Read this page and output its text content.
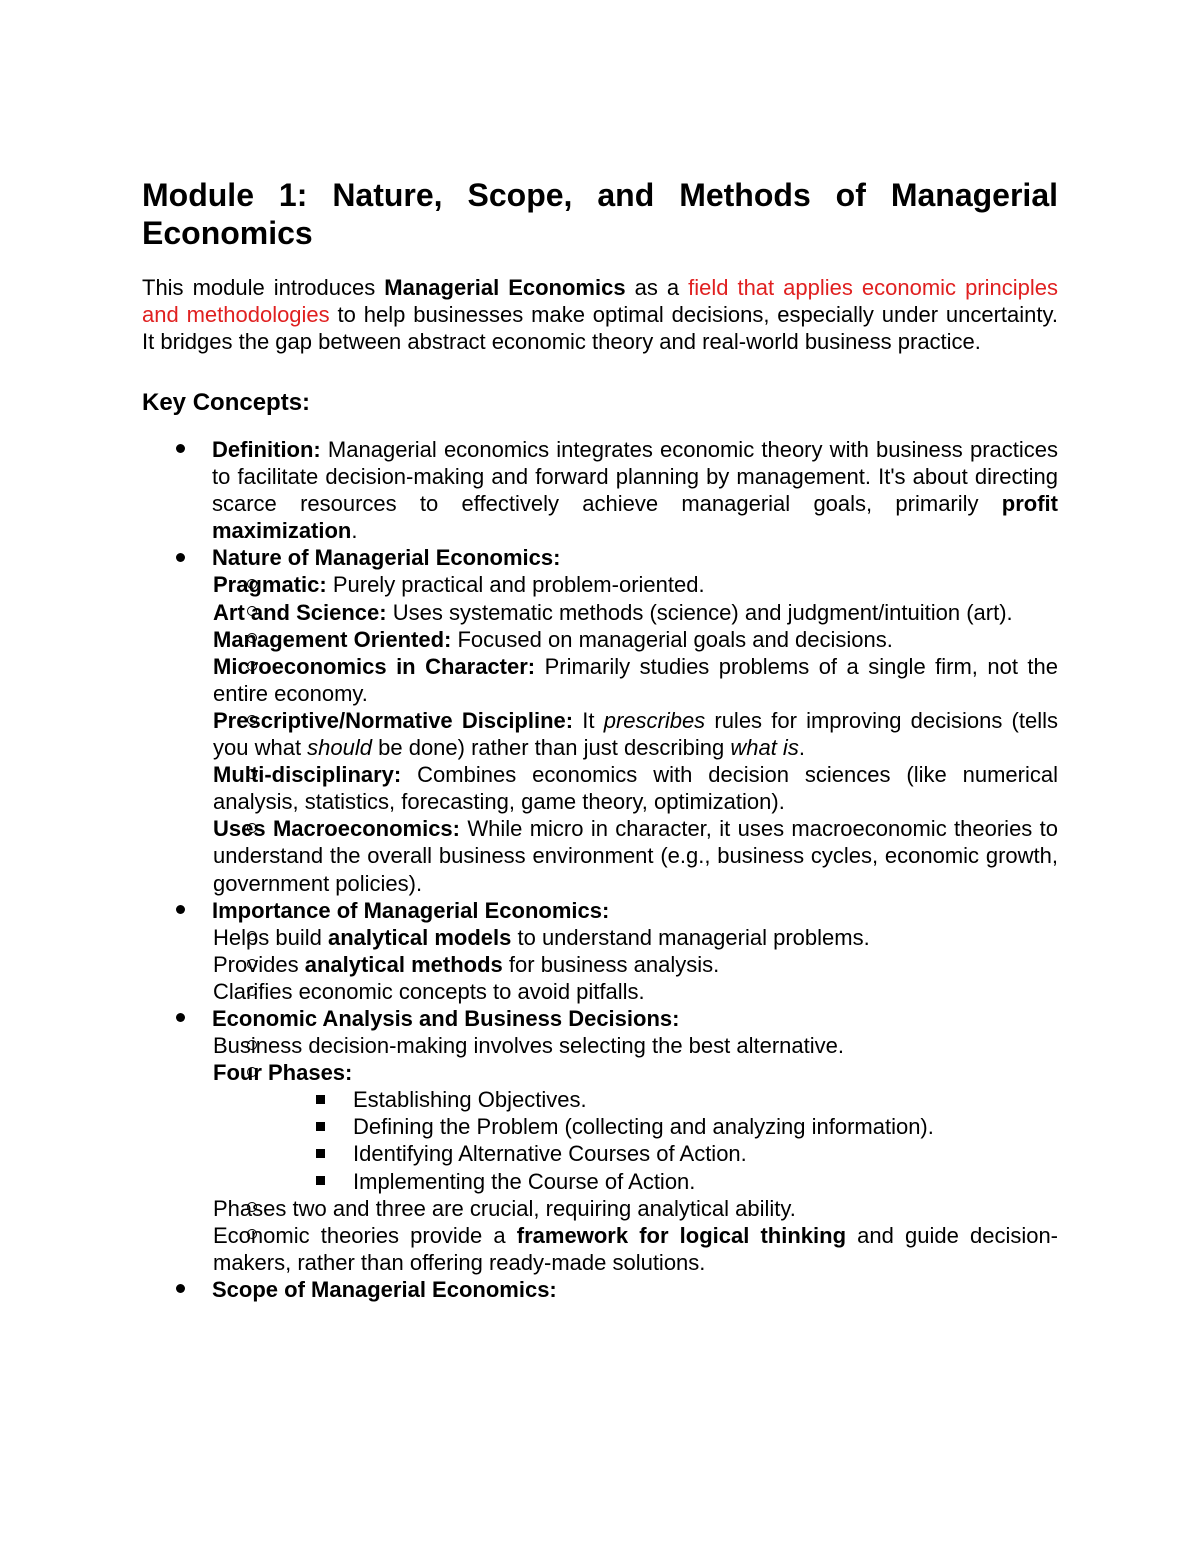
Module 1: Nature, Scope, and Methods of Managerial Economics

This module introduces Managerial Economics as a field that applies economic principles and methodologies to help businesses make optimal decisions, especially under uncertainty. It bridges the gap between abstract economic theory and real-world business practice.

Key Concepts:
Definition: Managerial economics integrates economic theory with business practices to facilitate decision-making and forward planning by management. It's about directing scarce resources to effectively achieve managerial goals, primarily profit maximization.
Nature of Managerial Economics:
Pragmatic: Purely practical and problem-oriented.
Art and Science: Uses systematic methods (science) and judgment/intuition (art).
Management Oriented: Focused on managerial goals and decisions.
Microeconomics in Character: Primarily studies problems of a single firm, not the entire economy.
Prescriptive/Normative Discipline: It prescribes rules for improving decisions (tells you what should be done) rather than just describing what is.
Multi-disciplinary: Combines economics with decision sciences (like numerical analysis, statistics, forecasting, game theory, optimization).
Uses Macroeconomics: While micro in character, it uses macroeconomic theories to understand the overall business environment (e.g., business cycles, economic growth, government policies).
Importance of Managerial Economics:
Helps build analytical models to understand managerial problems.
Provides analytical methods for business analysis.
Clarifies economic concepts to avoid pitfalls.
Economic Analysis and Business Decisions:
Business decision-making involves selecting the best alternative.
Four Phases:
Establishing Objectives.
Defining the Problem (collecting and analyzing information).
Identifying Alternative Courses of Action.
Implementing the Course of Action.
Phases two and three are crucial, requiring analytical ability.
Economic theories provide a framework for logical thinking and guide decision-makers, rather than offering ready-made solutions.
Scope of Managerial Economics:
